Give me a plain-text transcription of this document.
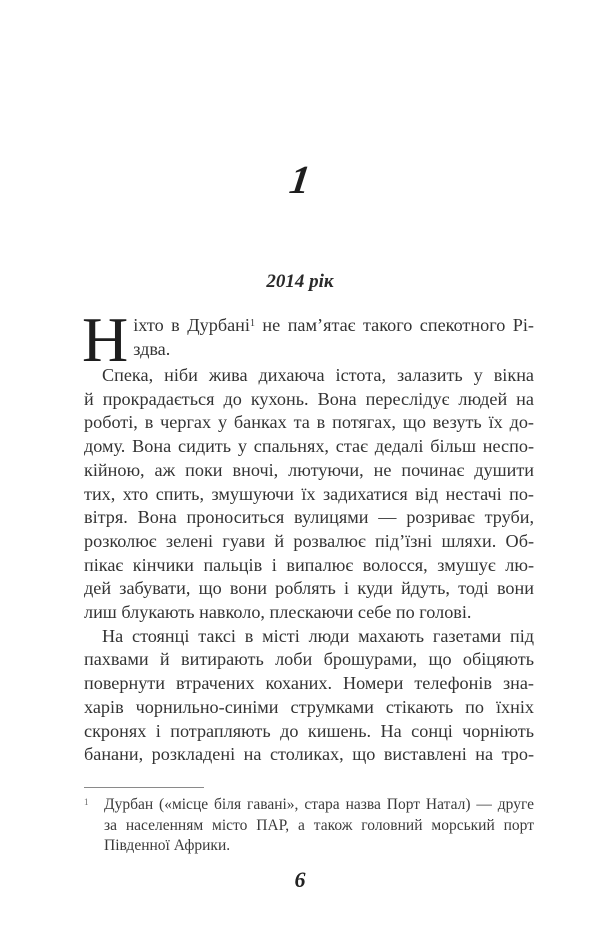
1
2014 рік
Н іхто в Дурбані$^1$ не пам’ятає такого спекотного Рі-
здва.
Спека, ніби жива дихаюча істота, залазить у вікна
й прокрадається до кухонь. Вона переслідує людей на
роботі, в чергах у банках та в потягах, що везуть їх до-
дому. Вона сидить у спальнях, стає дедалі більш неспо-
кійною, аж поки вночі, лютуючи, не починає душити
тих, хто спить, змушуючи їх задихатися від нестачі по-
вітря. Вона проноситься вулицями — розриває труби,
розколює зелені гуави й розвалює під’їзні шляхи. Об-
пікає кінчики пальців і випалює волосся, змушує лю-
дей забувати, що вони роблять і куди йдуть, тоді вони
лиш блукають навколо, плескаючи себе по голові.
На стоянці таксі в місті люди махають газетами під
пахвами й витирають лоби брошурами, що обіцяють
повернути втрачених коханих. Номери телефонів зна-
харів чорнильно-синіми струмками стікають по їхніх
скронях і потрапляють до кишень. На сонці чорніють
банани, розкладені на столиках, що виставлені на тро-
1 Дурбан («місце біля гавані», стара назва Порт Натал) — друге
за населенням місто ПАР, а також головний морський порт
Південної Африки.
6
